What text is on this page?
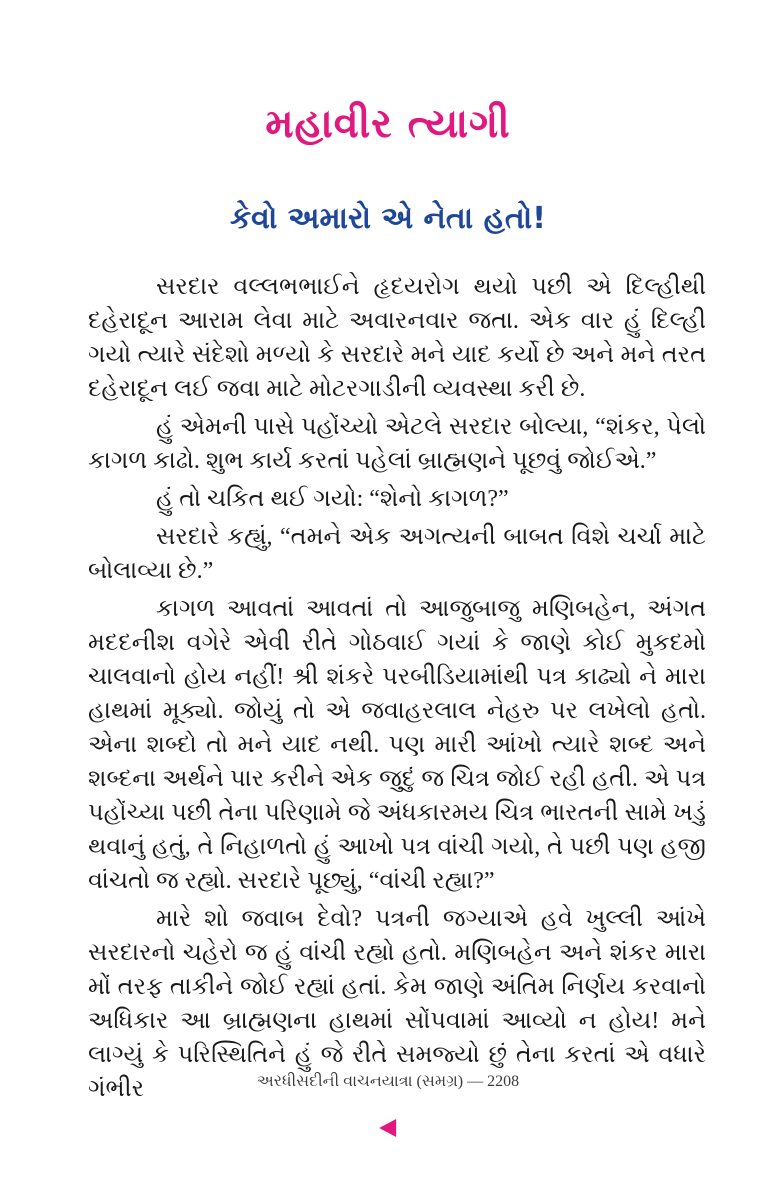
મહાવીર ત્યાગી
કેવો અમારો એ નેતા હતો!

સરદાર વલ્લભભાઈને હૃદયરોગ થયો પછી એ દિલ્હીથી દહેરાદૂન આરામ લેવા માટે અવારનવાર જતા. એક વાર હું દિલ્હી ગયો ત્યારે સંદેશો મળ્યો કે સરદારે મને યાદ કર્યો છે અને મને તરત દહેરાદૂન લઈ જવા માટે મોટરગાડીની વ્યવસ્થા કરી છે.

હું એમની પાસે પહોંચ્યો એટલે સરદાર બોલ્યા, “શંકર, પેલો કાગળ કાઢો. શુભ કાર્ય કરતાં પહેલાં બ્રાહ્મણને પૂછવું જોઈએ.”

હું તો ચકિત થઈ ગયો: “શેનો કાગળ?”

સરદારે કહ્યું, “તમને એક અગત્યની બાબત વિશે ચર્ચા માટે બોલાવ્યા છે.”

કાગળ આવતાં આવતાં તો આજુબાજુ મણિબહેન, અંગત મદદનીશ વગેરે એવી રીતે ગોઠવાઈ ગયાં કે જાણે કોઈ મુકદમો ચાલવાનો હોય નહીં! શ્રી શંકરે પરબીડિયામાંથી પત્ર કાઢ્યો ને મારા હાથમાં મૂક્યો. જોયું તો એ જવાહરલાલ નેહરુ પર લખેલો હતો. એના શબ્દો તો મને યાદ નથી. પણ મારી આંખો ત્યારે શબ્દ અને શબ્દના અર્થને પાર કરીને એક જુદું જ ચિત્ર જોઈ રહી હતી. એ પત્ર પહોંચ્યા પછી તેના પરિણામે જે અંધકારમય ચિત્ર ભારતની સામે ખડું થવાનું હતું, તે નિહાળતો હું આખો પત્ર વાંચી ગયો, તે પછી પણ હજી વાંચતો જ રહ્યો. સરદારે પૂછ્યું, “વાંચી રહ્યા?”

મારે શો જવાબ દેવો? પત્રની જગ્યાએ હવે ખુલ્લી આંખે સરદારનો ચહેરો જ હું વાંચી રહ્યો હતો. મણિબહેન અને શંકર મારા મોં તરફ તાકીને જોઈ રહ્યાં હતાં. કેમ જાણે અંતિમ નિર્ણય કરવાનો અધિકાર આ બ્રાહ્મણના હાથમાં સોંપવામાં આવ્યો ન હોય! મને લાગ્યું કે પરિસ્થિતિને હું જે રીતે સમજ્યો છું તેના કરતાં એ વધારે ગંભીર	અરધીસદીની વાચનયાત્રા (સમગ્ર) — 2208
